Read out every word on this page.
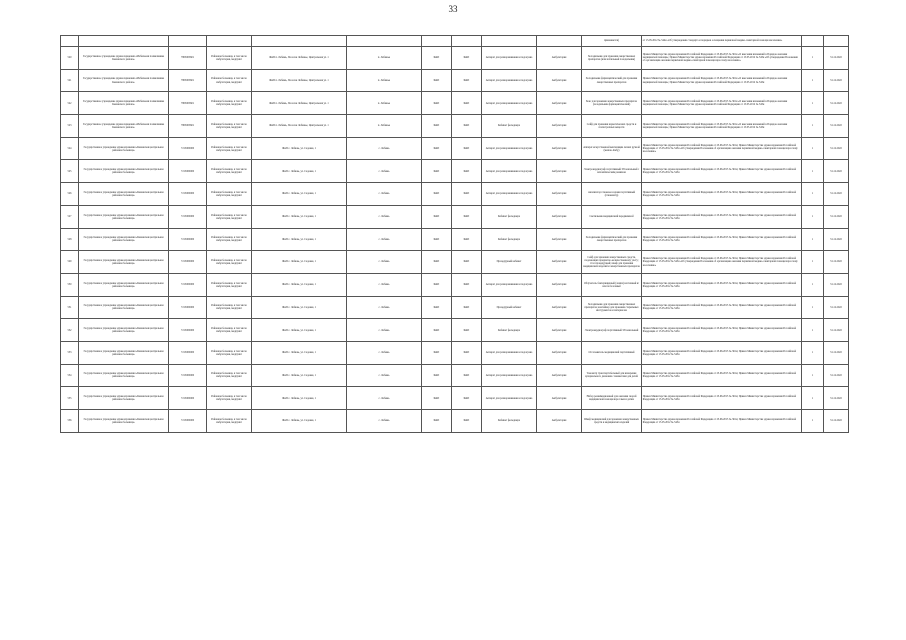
33
										применяется)	от 15.05.2012 № 544н «Об утверждении стандарта и порядков оснащения первичной медико-санитарной помощи населению»		
520	Государственное учреждение здравоохранения «Мобильная поликлиника Кеменского района»	7805005601	Районная больница, в том числе амбулатория, медпункт	ФАП п. Лебяжь, Поселок Лебяжье, Центральная ул. 1	п. Лебяжье	ФАП	ФАП	Аппарат для размораживания и подогрева	Амбулатория	Холодильник для хранения лекарственных препаратов (или мобильный холодильник)	Приказ Министерства здравоохранения Российской Федерации от 23.06.2015 № 361н «О внесении изменений в Порядок оказания медицинской помощи»; Приказ Министерства здравоохранения Российской Федерации от 15.05.2012 № 543н «Об утверждении Положения об организации оказания первичной медико-санитарной помощи взрослому населению»	1	31.12.2022
521	Государственное учреждение здравоохранения «Мобильная поликлиника Кеменского района»	7805005601	Районная больница, в том числе амбулатория, медпункт	ФАП п. Лебяжь, Поселок Лебяжье, Центральная ул. 1	п. Лебяжье	ФАП	ФАП	Аппарат для размораживания и подогрева	Амбулатория	Холодильник фармацевтический для хранения лекарственных препаратов	Приказ Министерства здравоохранения Российской Федерации от 23.06.2015 № 361н «О внесении изменений в Порядок оказания медицинской помощи»; Приказ Министерства здравоохранения Российской Федерации от 15.05.2012 № 543н	1	31.12.2022
522	Государственное учреждение здравоохранения «Мобильная поликлиника Кеменского района»	7805005601	Районная больница, в том числе амбулатория, медпункт	ФАП п. Лебяжь, Поселок Лебяжье, Центральная ул. 1	п. Лебяжье	ФАП	ФАП	Аппарат для размораживания и подогрева	Амбулатория	Бокс для хранения лекарственных препаратов (холодильник фармацевтический)	Приказ Министерства здравоохранения Российской Федерации от 23.06.2015 № 361н «О внесении изменений в Порядок оказания медицинской помощи»; Приказ Министерства здравоохранения Российской Федерации от 15.05.2012 № 543н	1	31.12.2022
523	Государственное учреждение здравоохранения «Мобильная поликлиника Кеменского района»	7805005601	Районная больница, в том числе амбулатория, медпункт	ФАП п. Лебяжь, Поселок Лебяжье, Центральная ул. 1	п. Лебяжье	ФАП	ФАП	Кабинет фельдшера	Амбулатория	Сейф для хранения наркотических средств и психотропных веществ	Приказ Министерства здравоохранения Российской Федерации от 23.06.2015 № 361н «О внесении изменений в Порядок оказания медицинской помощи»; Приказ Министерства здравоохранения Российской Федерации от 15.05.2012 № 543н	1	31.12.2022
524	Государственное учреждение здравоохранения «Кеменская центральная районная больница»	7215000000	Районная больница, в том числе амбулатория, медпункт	ФАП с. Лебяжь, ул. Садовая, 1	с. Лебяжь	ФАП	ФАП	Аппарат для размораживания и подогрева	Амбулатория	Аппарат искусственной вентиляции легких ручной (мешок Амбу)	Приказ Министерства здравоохранения Российской Федерации от 23.06.2015 № 361н; Приказ Министерства здравоохранения Российской Федерации от 15.05.2012 № 543н «Об утверждении Положения об организации оказания первичной медико-санитарной помощи взрослому населению»	1	31.12.2022
525	Государственное учреждение здравоохранения «Кеменская центральная районная больница»	7215000000	Районная больница, в том числе амбулатория, медпункт	ФАП с. Лебяжь, ул. Садовая, 1	с. Лебяжь	ФАП	ФАП	Аппарат для размораживания и подогрева	Амбулатория	Электрокардиограф портативный 3/6 канальный с автоматическим режимом	Приказ Министерства здравоохранения Российской Федерации от 23.06.2015 № 361н; Приказ Министерства здравоохранения Российской Федерации от 15.05.2012 № 543н	1	31.12.2022
526	Государственное учреждение здравоохранения «Кеменская центральная районная больница»	7215000000	Районная больница, в том числе амбулатория, медпункт	ФАП с. Лебяжь, ул. Садовая, 1	с. Лебяжь	ФАП	ФАП	Аппарат для размораживания и подогрева	Амбулатория	Анализатор глюкозы в крови портативный (глюкометр)	Приказ Министерства здравоохранения Российской Федерации от 23.06.2015 № 361н; Приказ Министерства здравоохранения Российской Федерации от 15.05.2012 № 543н	1	31.12.2022
527	Государственное учреждение здравоохранения «Кеменская центральная районная больница»	7215000000	Районная больница, в том числе амбулатория, медпункт	ФАП с. Лебяжь, ул. Садовая, 1	с. Лебяжь	ФАП	ФАП	Кабинет фельдшера	Амбулатория	Светильник медицинский передвижной	Приказ Министерства здравоохранения Российской Федерации от 23.06.2015 № 361н; Приказ Министерства здравоохранения Российской Федерации от 15.05.2012 № 543н	1	31.12.2022
528	Государственное учреждение здравоохранения «Кеменская центральная районная больница»	7215000000	Районная больница, в том числе амбулатория, медпункт	ФАП с. Лебяжь, ул. Садовая, 1	с. Лебяжь	ФАП	ФАП	Кабинет фельдшера	Амбулатория	Холодильник фармацевтический для хранения лекарственных препаратов	Приказ Министерства здравоохранения Российской Федерации от 23.06.2015 № 361н; Приказ Министерства здравоохранения Российской Федерации от 15.05.2012 № 543н	1	31.12.2022
529	Государственное учреждение здравоохранения «Кеменская центральная районная больница»	7215000000	Районная больница, в том числе амбулатория, медпункт	ФАП с. Лебяжь, ул. Садовая, 1	с. Лебяжь	ФАП	ФАП	Процедурный кабинет	Амбулатория	Сейф для хранения лекарственных средств, подлежащих предметно-количественному учету; стол процедурный; шкаф для хранения медицинских изделий и лекарственных препаратов	Приказ Министерства здравоохранения Российской Федерации от 23.06.2015 № 361н; Приказ Министерства здравоохранения Российской Федерации от 15.05.2012 № 543н «Об утверждении Положения об организации оказания первичной медико-санитарной помощи взрослому населению»	1	31.12.2022
530	Государственное учреждение здравоохранения «Кеменская центральная районная больница»	7215000000	Районная больница, в том числе амбулатория, медпункт	ФАП с. Лебяжь, ул. Садовая, 1	с. Лебяжь	ФАП	ФАП	Аппарат для размораживания и подогрева	Амбулатория	Облучатель бактерицидный (лампа) настенный и/или потолочный	Приказ Министерства здравоохранения Российской Федерации от 23.06.2015 № 361н; Приказ Министерства здравоохранения Российской Федерации от 15.05.2012 № 543н	1	31.12.2022
531	Государственное учреждение здравоохранения «Кеменская центральная районная больница»	7215000000	Районная больница, в том числе амбулатория, медпункт	ФАП с. Лебяжь, ул. Садовая, 1	с. Лебяжь	ФАП	ФАП	Процедурный кабинет	Амбулатория	Холодильник для хранения лекарственных препаратов; контейнер для хранения стерильных инструментов и материалов	Приказ Министерства здравоохранения Российской Федерации от 23.06.2015 № 361н; Приказ Министерства здравоохранения Российской Федерации от 15.05.2012 № 543н	1	31.12.2022
532	Государственное учреждение здравоохранения «Кеменская центральная районная больница»	7215000000	Районная больница, в том числе амбулатория, медпункт	ФАП с. Лебяжь, ул. Садовая, 1	с. Лебяжь	ФАП	ФАП	Кабинет фельдшера	Амбулатория	Электрокардиограф портативный 3/6 канальный	Приказ Министерства здравоохранения Российской Федерации от 23.06.2015 № 361н; Приказ Министерства здравоохранения Российской Федерации от 15.05.2012 № 543н	1	31.12.2022
533	Государственное учреждение здравоохранения «Кеменская центральная районная больница»	7215000000	Районная больница, в том числе амбулатория, медпункт	ФАП с. Лебяжь, ул. Садовая, 1	с. Лебяжь	ФАП	ФАП	Аппарат для размораживания и подогрева	Амбулатория	Отсасыватель медицинский портативный	Приказ Министерства здравоохранения Российской Федерации от 23.06.2015 № 361н; Приказ Министерства здравоохранения Российской Федерации от 15.05.2012 № 543н	1	31.12.2022
534	Государственное учреждение здравоохранения «Кеменская центральная районная больница»	7215000000	Районная больница, в том числе амбулатория, медпункт	ФАП с. Лебяжь, ул. Садовая, 1	с. Лебяжь	ФАП	ФАП	Аппарат для размораживания и подогрева	Амбулатория	Тонометр транспортабельный для измерения артериального давления с манжетами для детей	Приказ Министерства здравоохранения Российской Федерации от 23.06.2015 № 361н; Приказ Министерства здравоохранения Российской Федерации от 15.05.2012 № 543н	1	31.12.2022
535	Государственное учреждение здравоохранения «Кеменская центральная районная больница»	7215000000	Районная больница, в том числе амбулатория, медпункт	ФАП с. Лебяжь, ул. Садовая, 1	с. Лебяжь	ФАП	ФАП	Аппарат для размораживания и подогрева	Амбулатория	Набор реанимационный для оказания скорой медицинской помощи взрослым и детям	Приказ Министерства здравоохранения Российской Федерации от 23.06.2015 № 361н; Приказ Министерства здравоохранения Российской Федерации от 15.05.2012 № 543н	1	31.12.2022
536	Государственное учреждение здравоохранения «Кеменская центральная районная больница»	7215000000	Районная больница, в том числе амбулатория, медпункт	ФАП с. Лебяжь, ул. Садовая, 1	с. Лебяжь	ФАП	ФАП	Кабинет фельдшера	Амбулатория	Шкаф медицинский для хранения лекарственных средств и медицинских изделий	Приказ Министерства здравоохранения Российской Федерации от 23.06.2015 № 361н; Приказ Министерства здравоохранения Российской Федерации от 15.05.2012 № 543н	1	31.12.2022
